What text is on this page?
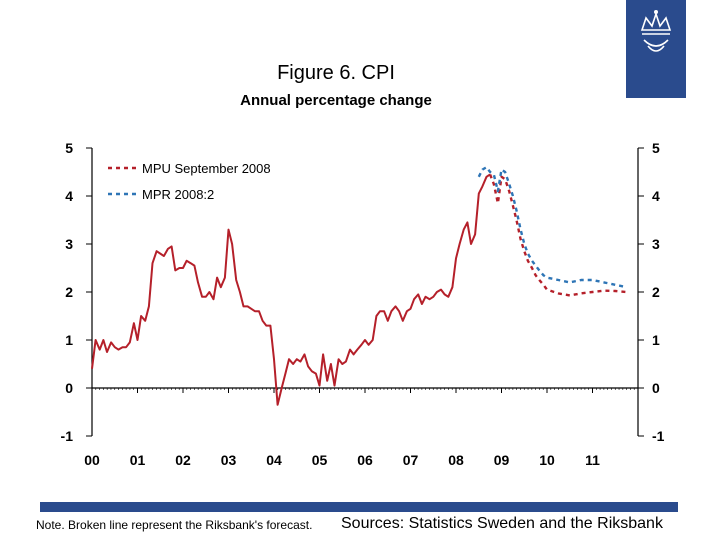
Figure 6. CPI
Annual percentage change
-1	-1
0	0
1	1
2	2
3	3
4	4
5	5
00 01 02 03 04 05 06 07 08 09 10 11
MPU September 2008
MPR 2008:2
Note. Broken line represent the Riksbank's forecast. Sources: Statistics Sweden and the Riksbank
